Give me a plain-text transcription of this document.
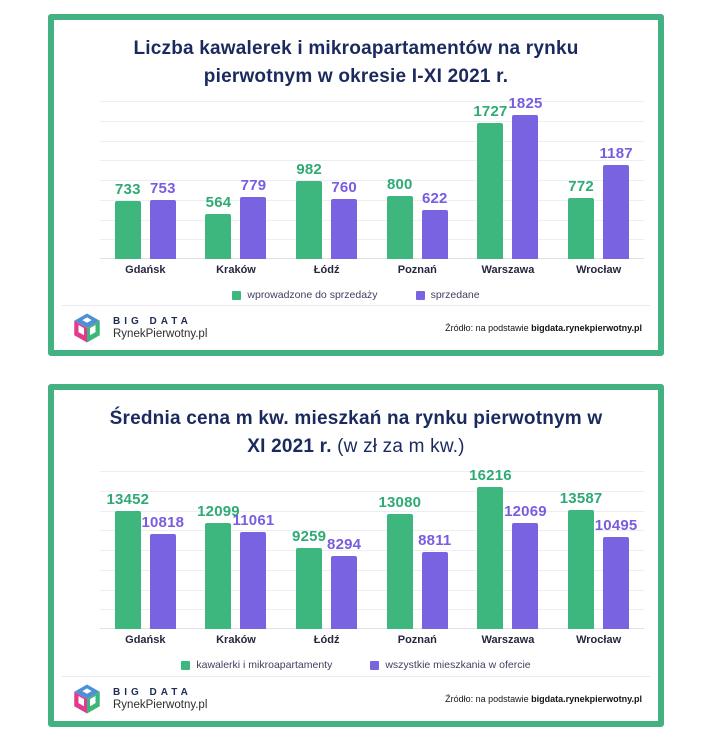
Liczba kawalerek i mikroapartamentów na rynku pierwotnym w okresie I-XI 2021 r.
733 753
564
779
982
760 800
622
1727 1825
772
1187
Gdańsk	Kraków	Łódź	Poznań	Warszawa	Wrocław
wprowadzone do sprzedaży	sprzedane
BIG DATA
RynekPierwotny.pl	Źródło: na podstawie bigdata.rynekpierwotny.pl
Średnia cena m kw. mieszkań na rynku pierwotnym w XI 2021 r. (w zł za m kw.)
13452
10818
12099
11061
9259 8294
13080
8811
16216
12069
13587
10495
Gdańsk	Kraków	Łódź	Poznań	Warszawa	Wrocław
kawalerki i mikroapartamenty	wszystkie mieszkania w ofercie
BIG DATA
RynekPierwotny.pl	Źródło: na podstawie bigdata.rynekpierwotny.pl
